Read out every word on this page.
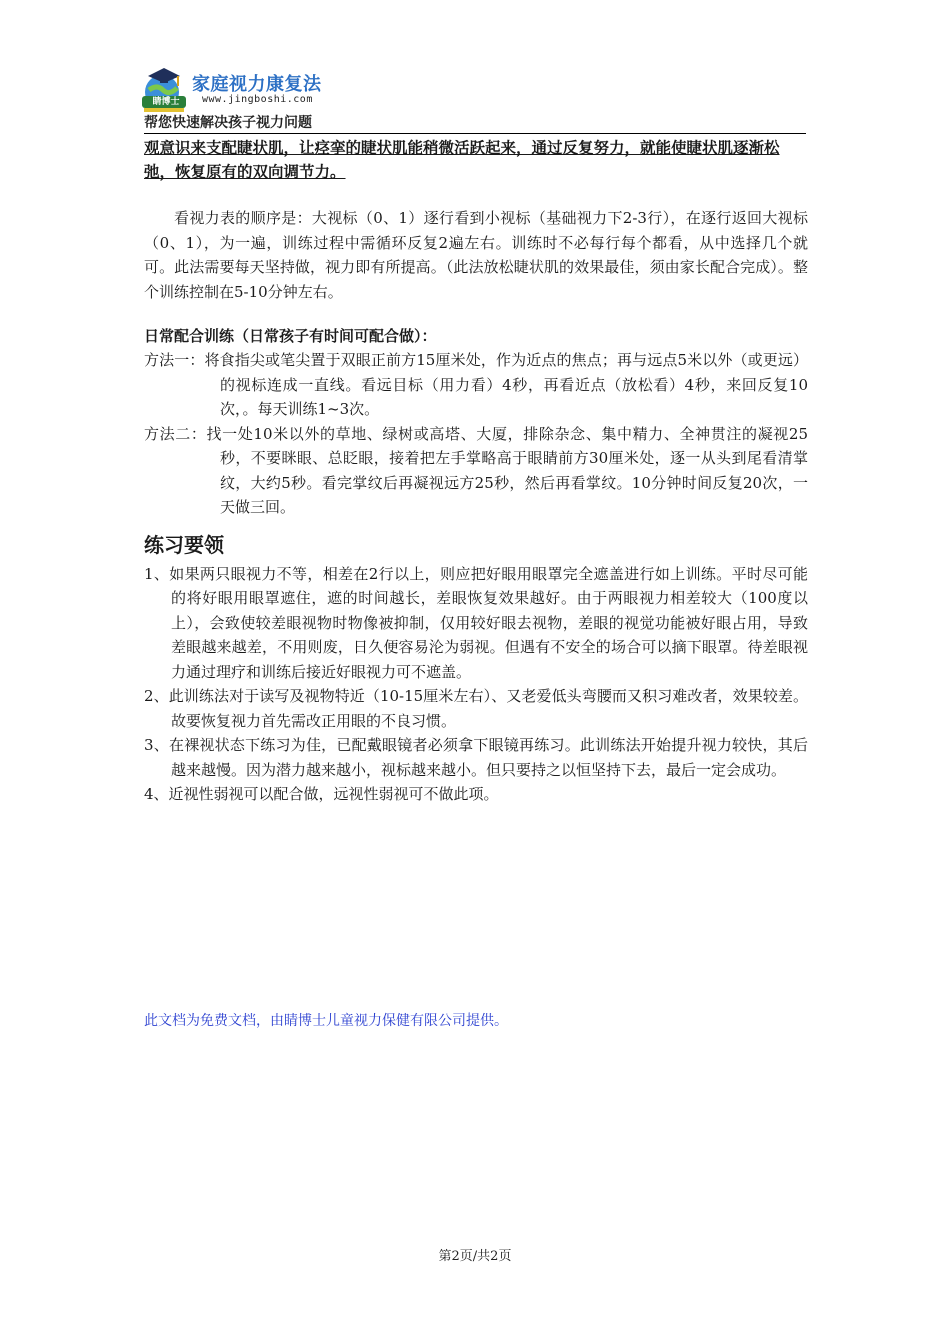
睛博士
家庭视力康复法
www.jingboshi.com
帮您快速解决孩子视力问题

观意识来支配睫状肌，让痉挛的睫状肌能稍微活跃起来，通过反复努力，就能使睫状肌逐渐松弛，恢复原有的双向调节力。

看视力表的顺序是：大视标（0、1）逐行看到小视标（基础视力下2-3行），在逐行返回大视标（0、1），为一遍，训练过程中需循环反复2遍左右。训练时不必每行每个都看，从中选择几个就可。此法需要每天坚持做，视力即有所提高。（此法放松睫状肌的效果最佳，须由家长配合完成）。整个训练控制在5-10分钟左右。

日常配合训练（日常孩子有时间可配合做）：

方法一：将食指尖或笔尖置于双眼正前方15厘米处，作为近点的焦点；再与远点5米以外（或更远）的视标连成一直线。看远目标（用力看）4秒，再看近点（放松看）4秒，来回反复10次，。每天训练1~3次。

方法二：找一处10米以外的草地、绿树或高塔、大厦，排除杂念、集中精力、全神贯注的凝视25秒，不要眯眼、总眨眼，接着把左手掌略高于眼睛前方30厘米处，逐一从头到尾看清掌纹，大约5秒。看完掌纹后再凝视远方25秒，然后再看掌纹。10分钟时间反复20次，一天做三回。

练习要领

1、如果两只眼视力不等，相差在2行以上，则应把好眼用眼罩完全遮盖进行如上训练。平时尽可能的将好眼用眼罩遮住，遮的时间越长，差眼恢复效果越好。由于两眼视力相差较大（100度以上），会致使较差眼视物时物像被抑制，仅用较好眼去视物，差眼的视觉功能被好眼占用，导致差眼越来越差，不用则废，日久便容易沦为弱视。但遇有不安全的场合可以摘下眼罩。待差眼视力通过理疗和训练后接近好眼视力可不遮盖。

2、此训练法对于读写及视物特近（10-15厘米左右）、又老爱低头弯腰而又积习难改者，效果较差。故要恢复视力首先需改正用眼的不良习惯。

3、在裸视状态下练习为佳，已配戴眼镜者必须拿下眼镜再练习。此训练法开始提升视力较快，其后越来越慢。因为潜力越来越小，视标越来越小。但只要持之以恒坚持下去，最后一定会成功。

4、近视性弱视可以配合做，远视性弱视可不做此项。

此文档为免费文档，由睛博士儿童视力保健有限公司提供。
第2页/共2页
